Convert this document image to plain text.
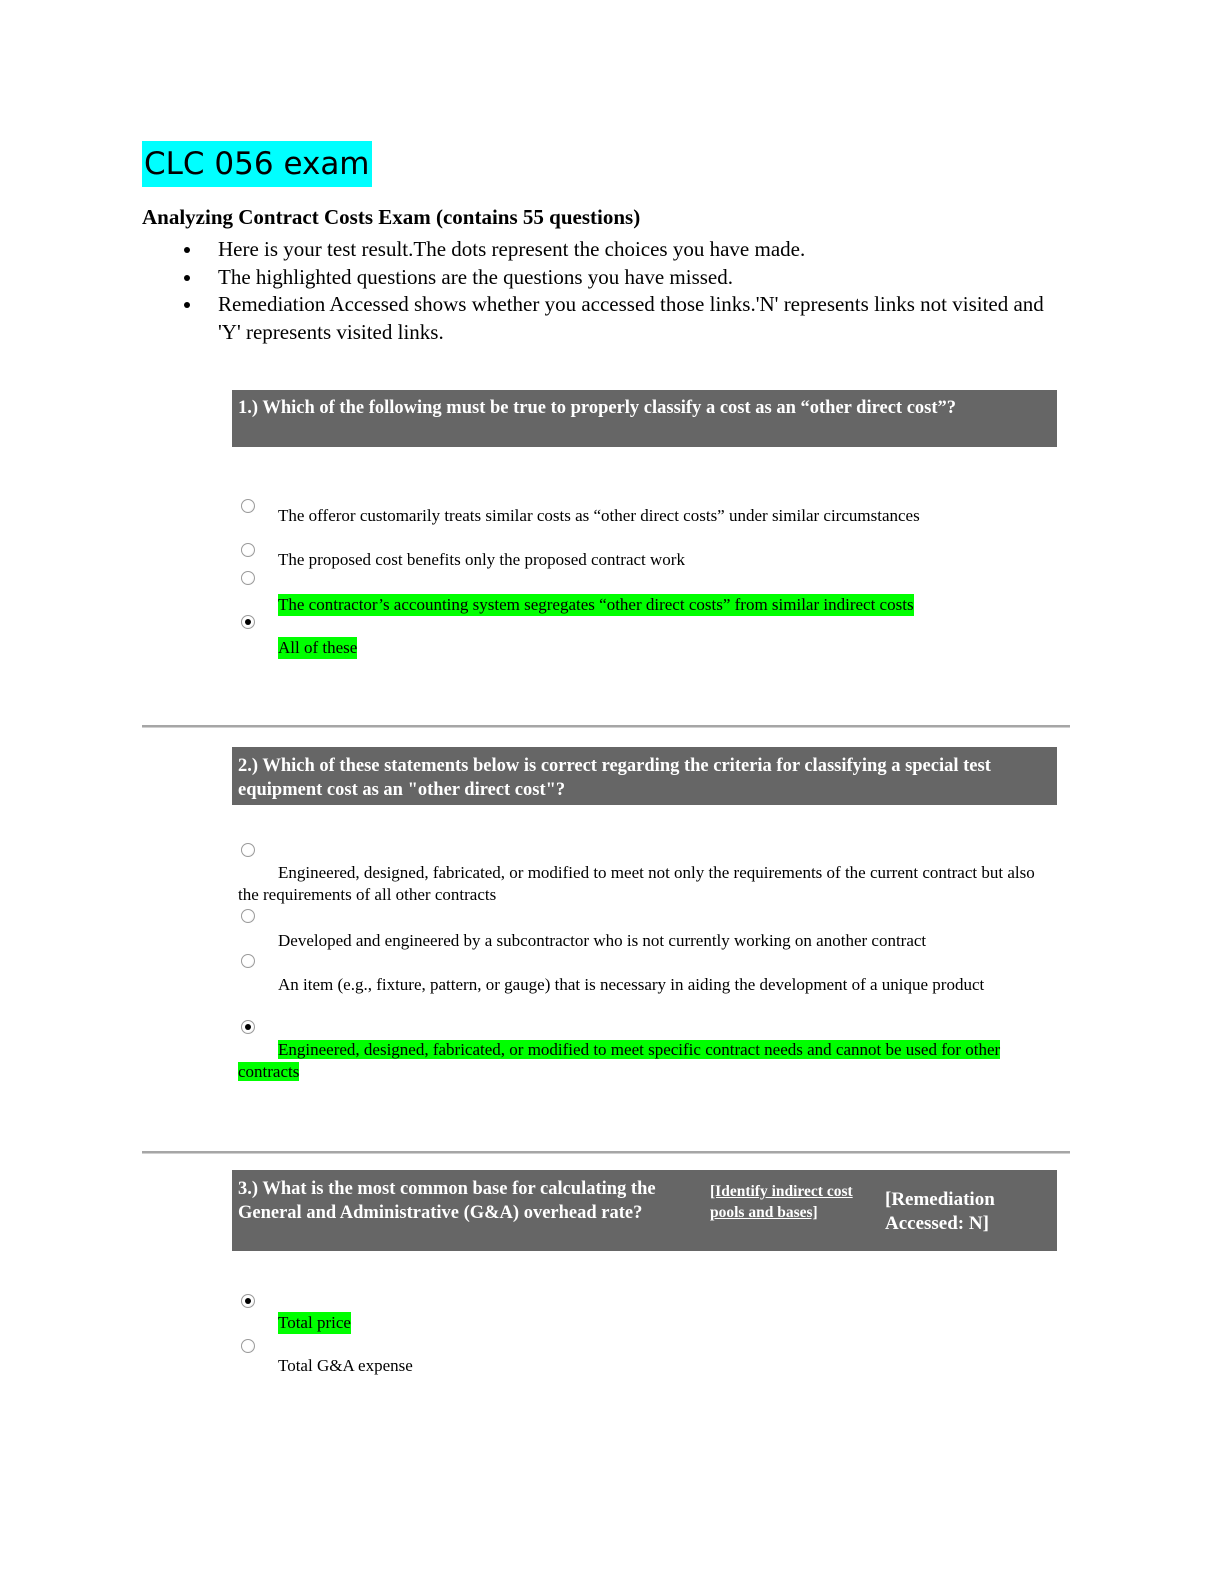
CLC 056 exam
Analyzing Contract Costs Exam (contains 55 questions)
Here is your test result.The dots represent the choices you have made.
The highlighted questions are the questions you have missed.
Remediation Accessed shows whether you accessed those links.'N' represents links not visited and 'Y' represents visited links.
1.) Which of the following must be true to properly classify a cost as an “other direct cost”?
The offeror customarily treats similar costs as “other direct costs” under similar circumstances
The proposed cost benefits only the proposed contract work
The contractor’s accounting system segregates “other direct costs” from similar indirect costs
All of these
2.) Which of these statements below is correct regarding the criteria for classifying a special test equipment cost as an "other direct cost"?
Engineered, designed, fabricated, or modified to meet not only the requirements of the current contract but also the requirements of all other contracts
Developed and engineered by a subcontractor who is not currently working on another contract
An item (e.g., fixture, pattern, or gauge) that is necessary in aiding the development of a unique product
Engineered, designed, fabricated, or modified to meet specific contract needs and cannot be used for other contracts
3.) What is the most common base for calculating the General and Administrative (G&A) overhead rate?
[Identify indirect cost pools and bases]
[Remediation Accessed: N]
Total price
Total G&A expense
